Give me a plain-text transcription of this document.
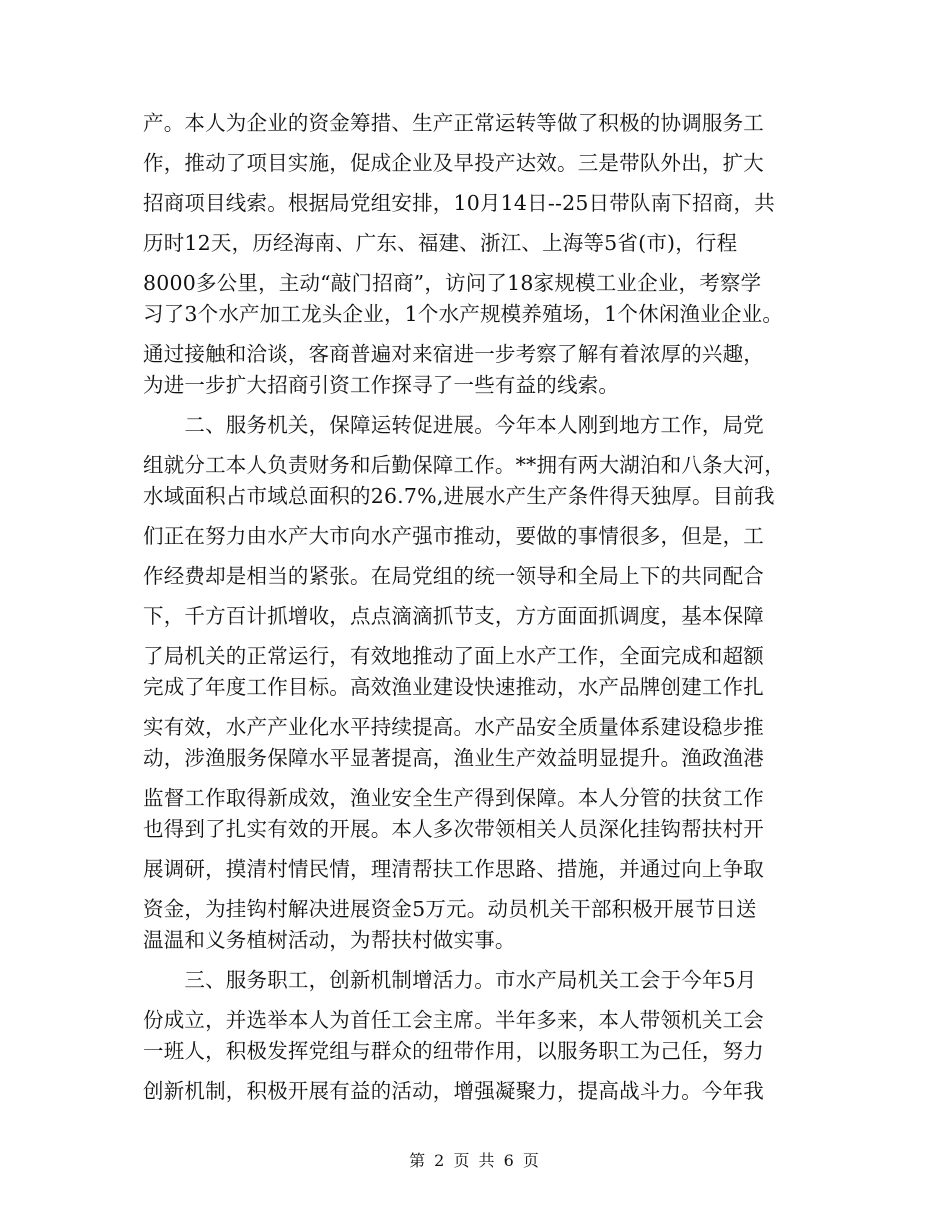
产。本人为企业的资金筹措、生产正常运转等做了积极的协调服务工
作，推动了项目实施，促成企业及早投产达效。三是带队外出，扩大
招商项目线索。根据局党组安排，10月14日--25日带队南下招商，共
历时12天，历经海南、广东、福建、浙江、上海等5省(市)，行程
8000多公里，主动“敲门招商”，访问了18家规模工业企业，考察学
习了3个水产加工龙头企业，1个水产规模养殖场，1个休闲渔业企业。
通过接触和洽谈，客商普遍对来宿进一步考察了解有着浓厚的兴趣，
为进一步扩大招商引资工作探寻了一些有益的线索。
　　二、服务机关，保障运转促进展。今年本人刚到地方工作，局党
组就分工本人负责财务和后勤保障工作。**拥有两大湖泊和八条大河，
水域面积占市域总面积的26.7%,进展水产生产条件得天独厚。目前我
们正在努力由水产大市向水产强市推动，要做的事情很多，但是，工
作经费却是相当的紧张。在局党组的统一领导和全局上下的共同配合
下，千方百计抓增收，点点滴滴抓节支，方方面面抓调度，基本保障
了局机关的正常运行，有效地推动了面上水产工作，全面完成和超额
完成了年度工作目标。高效渔业建设快速推动，水产品牌创建工作扎
实有效，水产产业化水平持续提高。水产品安全质量体系建设稳步推
动，涉渔服务保障水平显著提高，渔业生产效益明显提升。渔政渔港
监督工作取得新成效，渔业安全生产得到保障。本人分管的扶贫工作
也得到了扎实有效的开展。本人多次带领相关人员深化挂钩帮扶村开
展调研，摸清村情民情，理清帮扶工作思路、措施，并通过向上争取
资金，为挂钩村解决进展资金5万元。动员机关干部积极开展节日送
温温和义务植树活动，为帮扶村做实事。
　　三、服务职工，创新机制增活力。市水产局机关工会于今年5月
份成立，并选举本人为首任工会主席。半年多来，本人带领机关工会
一班人，积极发挥党组与群众的纽带作用，以服务职工为己任，努力
创新机制，积极开展有益的活动，增强凝聚力，提高战斗力。今年我
第 2 页 共 6 页
